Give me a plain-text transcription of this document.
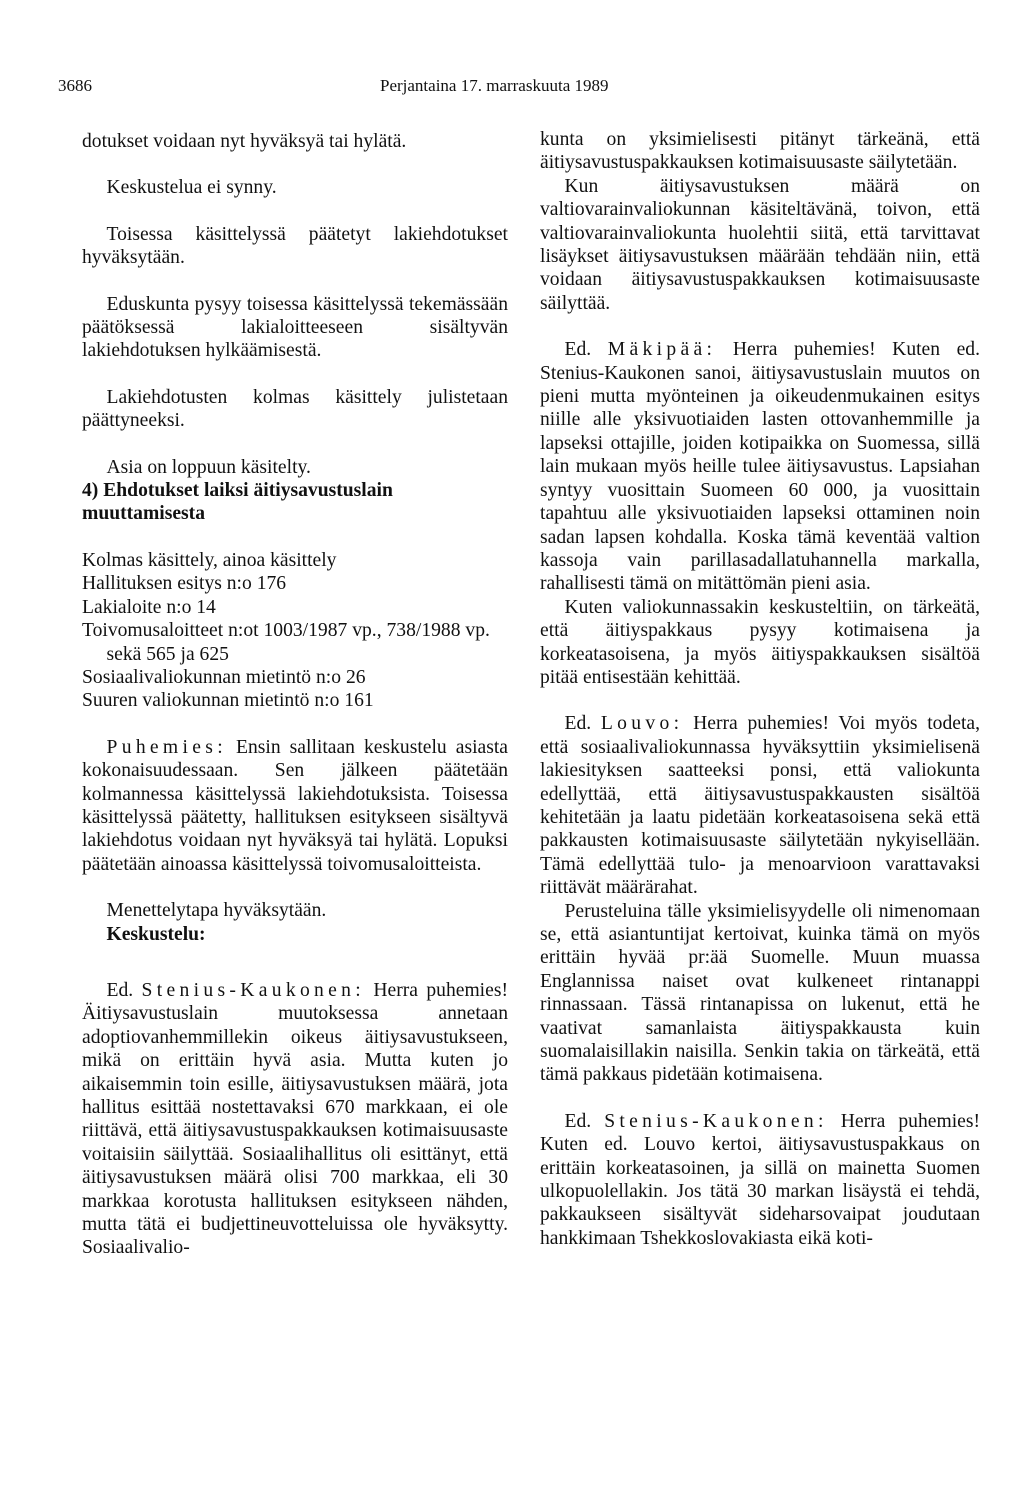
3686	Perjantaina 17. marraskuuta 1989

dotukset voidaan nyt hyväksyä tai hylätä.

Keskustelua ei synny.

Toisessa käsittelyssä päätetyt lakiehdotukset hyväksytään.

Eduskunta pysyy toisessa käsittelyssä tekemässään päätöksessä lakialoitteeseen sisältyvän lakiehdotuksen hylkäämisestä.

Lakiehdotusten kolmas käsittely julistetaan päättyneeksi.

Asia on loppuun käsitelty.

4) Ehdotukset laiksi äitiysavustuslain muuttamisesta

Kolmas käsittely, ainoa käsittely

Hallituksen esitys n:o 176

Lakialoite n:o 14

Toivomusaloitteet n:ot 1003/1987 vp., 738/1988 vp. sekä 565 ja 625

Sosiaalivaliokunnan mietintö n:o 26

Suuren valiokunnan mietintö n:o 161

Puhemies: Ensin sallitaan keskustelu asiasta kokonaisuudessaan. Sen jälkeen päätetään kolmannessa käsittelyssä lakiehdotuksista. Toisessa käsittelyssä päätetty, hallituksen esitykseen sisältyvä lakiehdotus voidaan nyt hyväksyä tai hylätä. Lopuksi päätetään ainoassa käsittelyssä toivomusaloitteista.

Menettelytapa hyväksytään.

Keskustelu:

Ed. Stenius-Kaukonen: Herra puhemies! Äitiysavustuslain muutoksessa annetaan adoptiovanhemmillekin oikeus äitiysavustukseen, mikä on erittäin hyvä asia. Mutta kuten jo aikaisemmin toin esille, äitiysavustuksen määrä, jota hallitus esittää nostettavaksi 670 markkaan, ei ole riittävä, että äitiysavustuspakkauksen kotimaisuusaste voitaisiin säilyttää. Sosiaalihallitus oli esittänyt, että äitiysavustuksen määrä olisi 700 markkaa, eli 30 markkaa korotusta hallituksen esitykseen nähden, mutta tätä ei budjettineuvotteluissa ole hyväksytty. Sosiaalivalio-

kunta on yksimielisesti pitänyt tärkeänä, että äitiysavustuspakkauksen kotimaisuusaste säilytetään.

Kun äitiysavustuksen määrä on valtiovarainvaliokunnan käsiteltävänä, toivon, että valtiovarainvaliokunta huolehtii siitä, että tarvittavat lisäykset äitiysavustuksen määrään tehdään niin, että voidaan äitiysavustuspakkauksen kotimaisuusaste säilyttää.

Ed. Mäkipää: Herra puhemies! Kuten ed. Stenius-Kaukonen sanoi, äitiysavustuslain muutos on pieni mutta myönteinen ja oikeudenmukainen esitys niille alle yksivuotiaiden lasten ottovanhemmille ja lapseksi ottajille, joiden kotipaikka on Suomessa, sillä lain mukaan myös heille tulee äitiysavustus. Lapsiahan syntyy vuosittain Suomeen 60 000, ja vuosittain tapahtuu alle yksivuotiaiden lapseksi ottaminen noin sadan lapsen kohdalla. Koska tämä keventää valtion kassoja vain parillasadallatuhannella markalla, rahallisesti tämä on mitättömän pieni asia.

Kuten valiokunnassakin keskusteltiin, on tärkeätä, että äitiyspakkaus pysyy kotimaisena ja korkeatasoisena, ja myös äitiyspakkauksen sisältöä pitää entisestään kehittää.

Ed. Louvo: Herra puhemies! Voi myös todeta, että sosiaalivaliokunnassa hyväksyttiin yksimielisenä lakiesityksen saatteeksi ponsi, että valiokunta edellyttää, että äitiysavustuspakkausten sisältöä kehitetään ja laatu pidetään korkeatasoisena sekä että pakkausten kotimaisuusaste säilytetään nykyisellään. Tämä edellyttää tulo- ja menoarvioon varattavaksi riittävät määrärahat.

Perusteluina tälle yksimielisyydelle oli nimenomaan se, että asiantuntijat kertoivat, kuinka tämä on myös erittäin hyvää pr:ää Suomelle. Muun muassa Englannissa naiset ovat kulkeneet rintanappi rinnassaan. Tässä rintanapissa on lukenut, että he vaativat samanlaista äitiyspakkausta kuin suomalaisillakin naisilla. Senkin takia on tärkeätä, että tämä pakkaus pidetään kotimaisena.

Ed. Stenius-Kaukonen: Herra puhemies! Kuten ed. Louvo kertoi, äitiysavustuspakkaus on erittäin korkeatasoinen, ja sillä on mainetta Suomen ulkopuolellakin. Jos tätä 30 markan lisäystä ei tehdä, pakkaukseen sisältyvät sideharsovaipat joudutaan hankkimaan Tshekkoslovakiasta eikä koti-
